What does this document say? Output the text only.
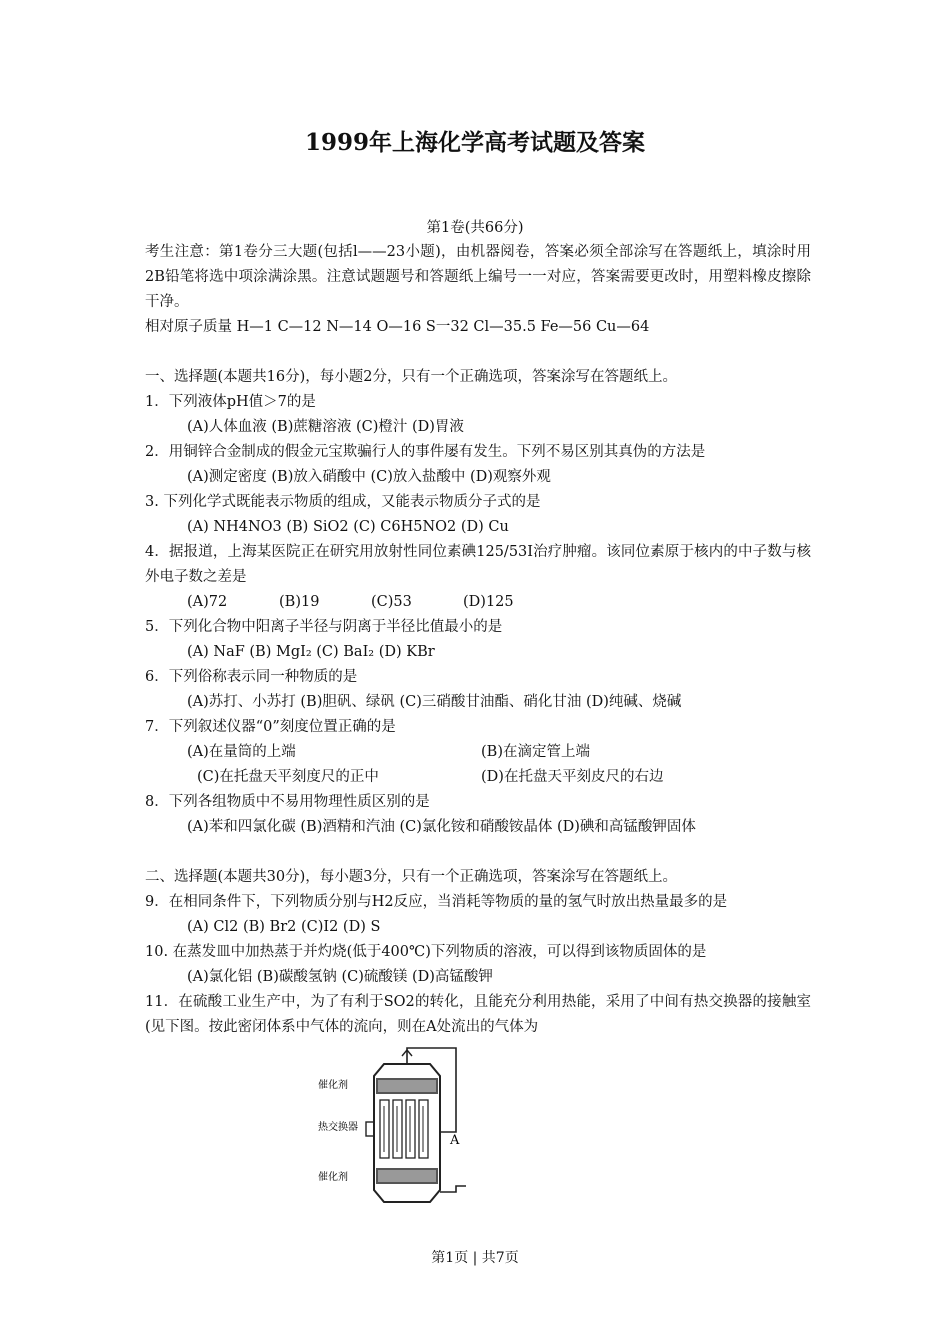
1999年上海化学高考试题及答案
第1卷(共66分)
考生注意：第1卷分三大题(包括l——23小题)，由机器阅卷，答案必须全部涂写在答题纸上，填涂时用2B铅笔将选中项涂满涂黑。注意试题题号和答题纸上编号一一对应，答案需要更改时，用塑料橡皮擦除干净。
相对原子质量 H—1 C—12 N—14 O—16 S一32 Cl—35.5 Fe—56 Cu—64
一、选择题(本题共16分)，每小题2分，只有一个正确选项，答案涂写在答题纸上。
1．下列液体pH值＞7的是
(A)人体血液 (B)蔗糖溶液 (C)橙汁 (D)胃液
2．用铜锌合金制成的假金元宝欺骗行人的事件屡有发生。下列不易区别其真伪的方法是
(A)测定密度 (B)放入硝酸中 (C)放入盐酸中 (D)观察外观
3. 下列化学式既能表示物质的组成，又能表示物质分子式的是
(A) NH4NO3 (B) SiO2 (C) C6H5NO2 (D) Cu
4．据报道，上海某医院正在研究用放射性同位素碘125/53I治疗肿瘤。该同位素原于核内的中子数与核外电子数之差是
(A)72	(B)19	(C)53	(D)125
5．下列化合物中阳离子半径与阴离于半径比值最小的是
(A) NaF (B) MgI₂ (C) BaI₂ (D) KBr
6．下列俗称表示同一种物质的是
(A)苏打、小苏打 (B)胆矾、绿矾 (C)三硝酸甘油酯、硝化甘油 (D)纯碱、烧碱
7．下列叙述仪器“0”刻度位置正确的是
(A)在量筒的上端	(B)在滴定管上端
(C)在托盘天平刻度尺的正中	(D)在托盘天平刻皮尺的右边
8．下列各组物质中不易用物理性质区别的是
(A)苯和四氯化碳 (B)酒精和汽油 (C)氯化铵和硝酸铵晶体 (D)碘和高锰酸钾固体
二、选择题(本题共30分)，每小题3分，只有一个正确选项，答案涂写在答题纸上。
9．在相同条件下，下列物质分别与H2反应，当消耗等物质的量的氢气时放出热量最多的是
(A) Cl2 (B) Br2 (C)I2 (D) S
10. 在蒸发皿中加热蒸于并灼烧(低于400℃)下列物质的溶液，可以得到该物质固体的是
(A)氯化铝 (B)碳酸氢钠 (C)硫酸镁 (D)高锰酸钾
11．在硫酸工业生产中，为了有利于SO2的转化，且能充分利用热能，采用了中间有热交换器的接触室(见下图。按此密闭体系中气体的流向，则在A处流出的气体为
催化剂
热交换器
催化剂
A
第1页 | 共7页
